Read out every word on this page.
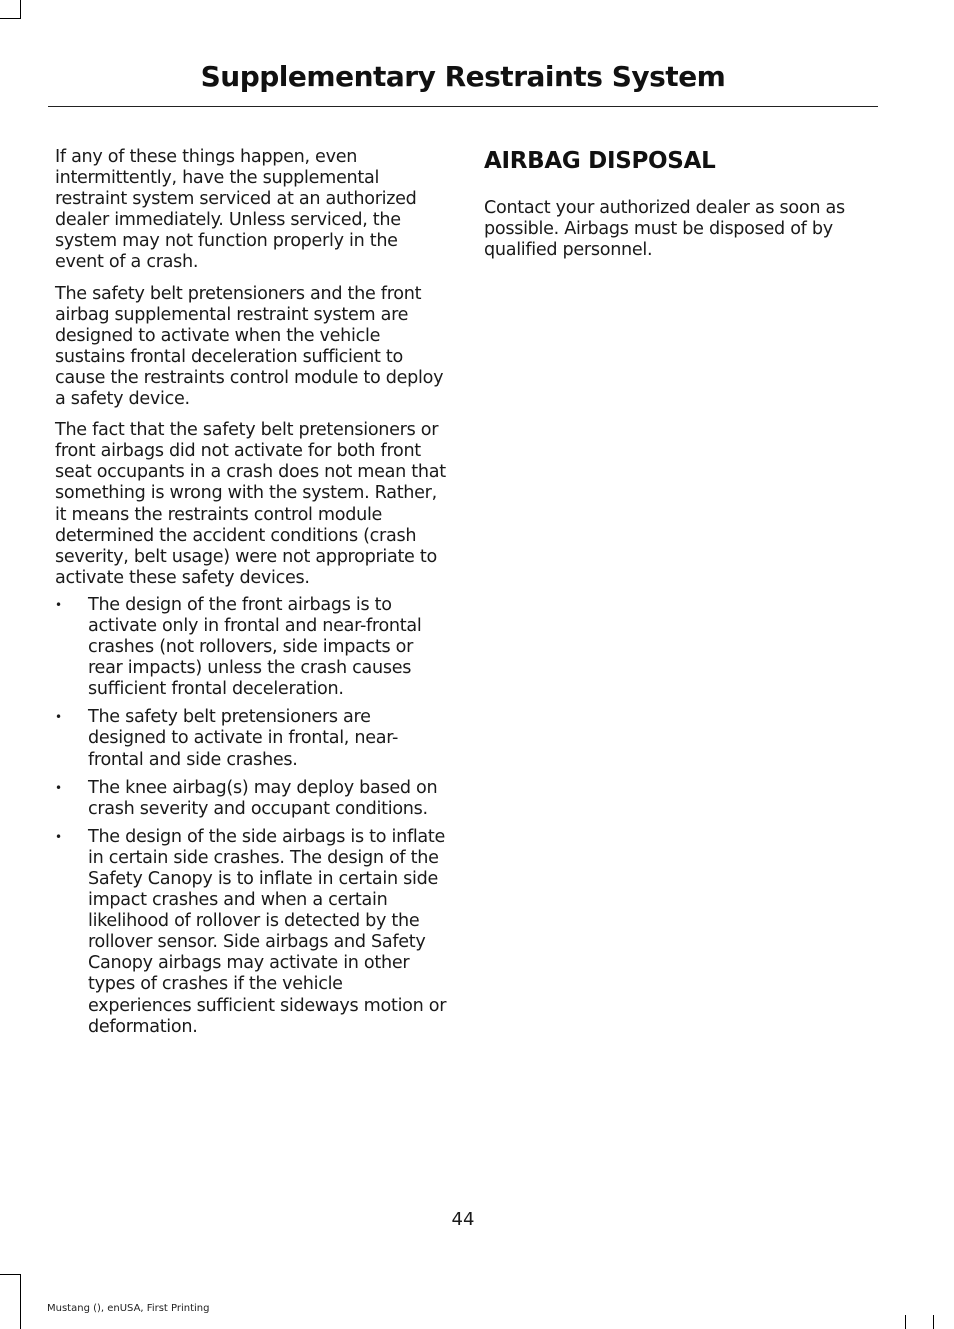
Supplementary Restraints System

If any of these things happen, even intermittently, have the supplemental restraint system serviced at an authorized dealer immediately. Unless serviced, the system may not function properly in the event of a crash.

The safety belt pretensioners and the front airbag supplemental restraint system are designed to activate when the vehicle sustains frontal deceleration sufficient to cause the restraints control module to deploy a safety device.

The fact that the safety belt pretensioners or front airbags did not activate for both front seat occupants in a crash does not mean that something is wrong with the system. Rather, it means the restraints control module determined the accident conditions (crash severity, belt usage) were not appropriate to activate these safety devices.

• The design of the front airbags is to activate only in frontal and near-frontal crashes (not rollovers, side impacts or rear impacts) unless the crash causes sufficient frontal deceleration.
• The safety belt pretensioners are designed to activate in frontal, near-frontal and side crashes.
• The knee airbag(s) may deploy based on crash severity and occupant conditions.
• The design of the side airbags is to inflate in certain side crashes. The design of the Safety Canopy is to inflate in certain side impact crashes and when a certain likelihood of rollover is detected by the rollover sensor. Side airbags and Safety Canopy airbags may activate in other types of crashes if the vehicle experiences sufficient sideways motion or deformation.
AIRBAG DISPOSAL

Contact your authorized dealer as soon as possible. Airbags must be disposed of by qualified personnel.

44
Mustang (), enUSA, First Printing
